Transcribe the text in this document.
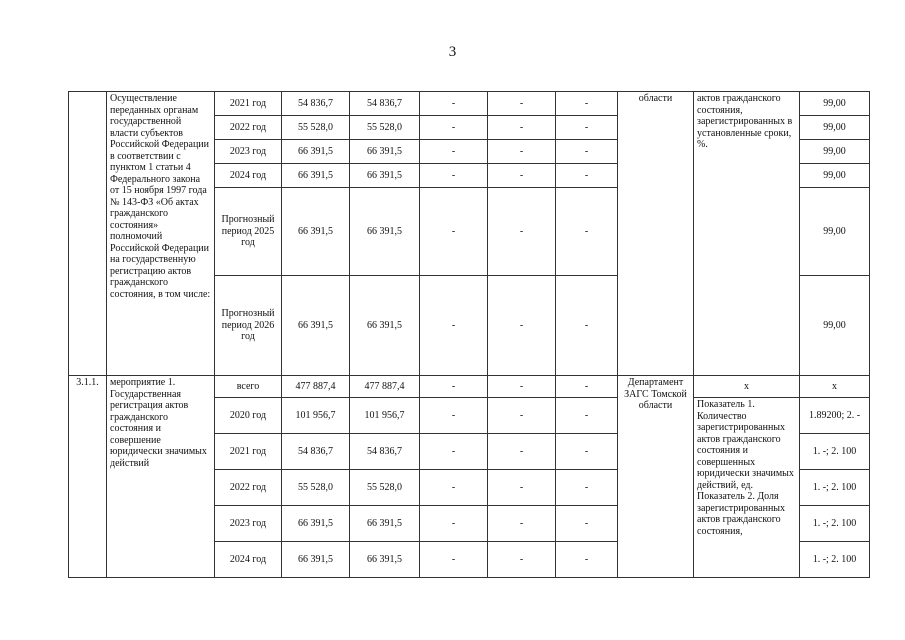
3
	Осуществление переданных органам государственной власти субъектов Российской Федерации в соответствии с пунктом 1 статьи 4 Федерального закона от 15 ноября 1997 года № 143-ФЗ «Об актах гражданского состояния» полномочий Российской Федерации на государственную регистрацию актов гражданского состояния, в том числе:	2021 год	54 836,7	54 836,7	-	-	-	области	актов гражданского состояния, зарегистрированных в установленные сроки, %.	99,00
		2022 год	55 528,0	55 528,0	-	-	-			99,00
		2023 год	66 391,5	66 391,5	-	-	-			99,00
		2024 год	66 391,5	66 391,5	-	-	-			99,00
		Прогнозный период 2025 год	66 391,5	66 391,5	-	-	-			99,00
		Прогнозный период 2026 год	66 391,5	66 391,5	-	-	-			99,00
3.1.1.	мероприятие 1. Государственная регистрация актов гражданского состояния и совершение юридически значимых действий	всего	477 887,4	477 887,4	-	-	-	Департамент ЗАГС Томской области	x	x
		2020 год	101 956,7	101 956,7	-	-	-		Показатель 1. Количество зарегистрированных актов гражданского состояния и совершенных юридически значимых действий, ед. Показатель 2. Доля зарегистрированных актов гражданского состояния,	1.89200; 2. -
		2021 год	54 836,7	54 836,7	-	-	-			1. -; 2. 100
		2022 год	55 528,0	55 528,0	-	-	-			1. -; 2. 100
		2023 год	66 391,5	66 391,5	-	-	-			1. -; 2. 100
		2024 год	66 391,5	66 391,5	-	-	-			1. -; 2. 100
